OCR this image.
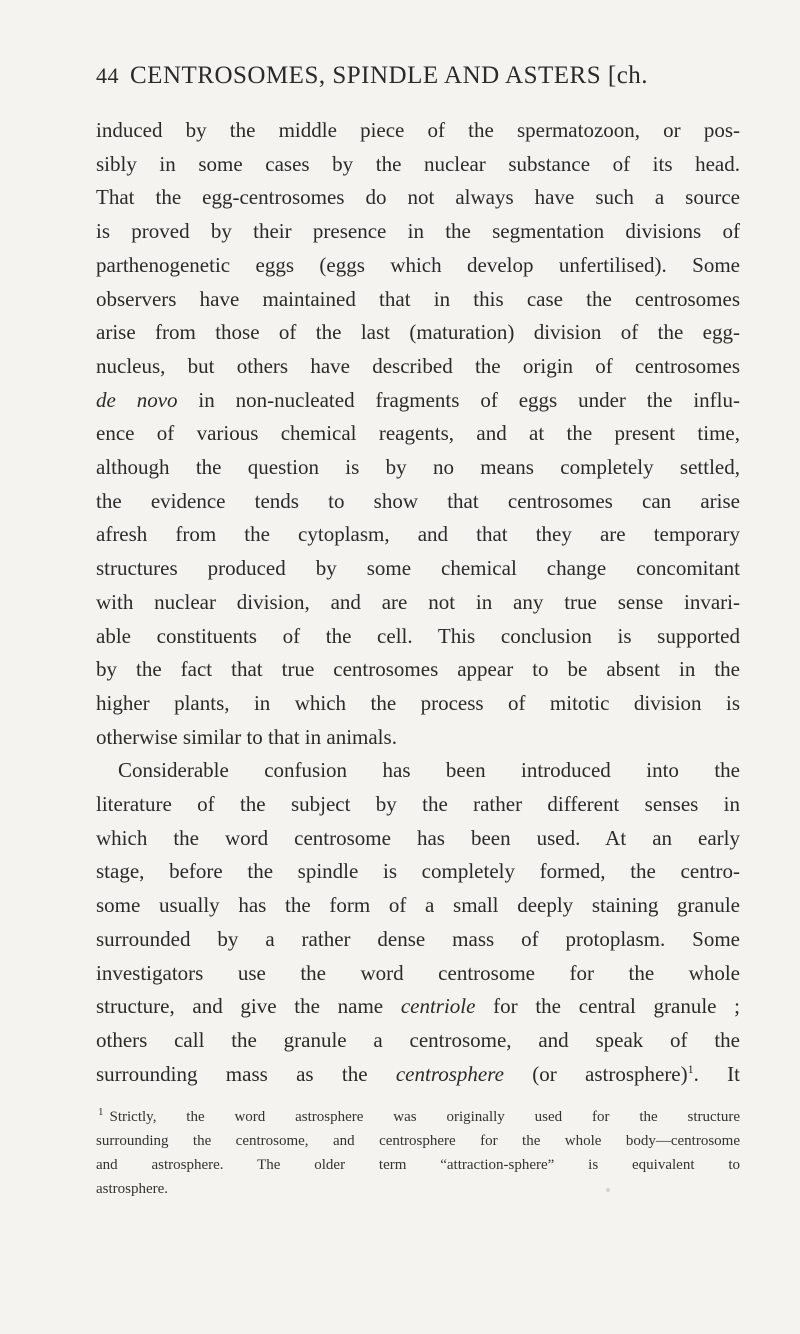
44 CENTROSOMES, SPINDLE AND ASTERS [ch.

induced by the middle piece of the spermatozoon, or pos-
sibly in some cases by the nuclear substance of its head.
That the egg-centrosomes do not always have such a source
is proved by their presence in the segmentation divisions of
parthenogenetic eggs (eggs which develop unfertilised). Some
observers have maintained that in this case the centrosomes
arise from those of the last (maturation) division of the egg-
nucleus, but others have described the origin of centrosomes
de novo in non-nucleated fragments of eggs under the influ-
ence of various chemical reagents, and at the present time,
although the question is by no means completely settled,
the evidence tends to show that centrosomes can arise
afresh from the cytoplasm, and that they are temporary
structures produced by some chemical change concomitant
with nuclear division, and are not in any true sense invari-
able constituents of the cell. This conclusion is supported
by the fact that true centrosomes appear to be absent in the
higher plants, in which the process of mitotic division is
otherwise similar to that in animals.

Considerable confusion has been introduced into the
literature of the subject by the rather different senses in
which the word centrosome has been used. At an early
stage, before the spindle is completely formed, the centro-
some usually has the form of a small deeply staining granule
surrounded by a rather dense mass of protoplasm. Some
investigators use the word centrosome for the whole
structure, and give the name centriole for the central granule ;
others call the granule a centrosome, and speak of the
surrounding mass as the centrosphere (or astrosphere)$^1$. It

$^1$ Strictly, the word astrosphere was originally used for the structure
surrounding the centrosome, and centrosphere for the whole body—centrosome
and astrosphere. The older term “attraction-sphere” is equivalent to
astrosphere.
